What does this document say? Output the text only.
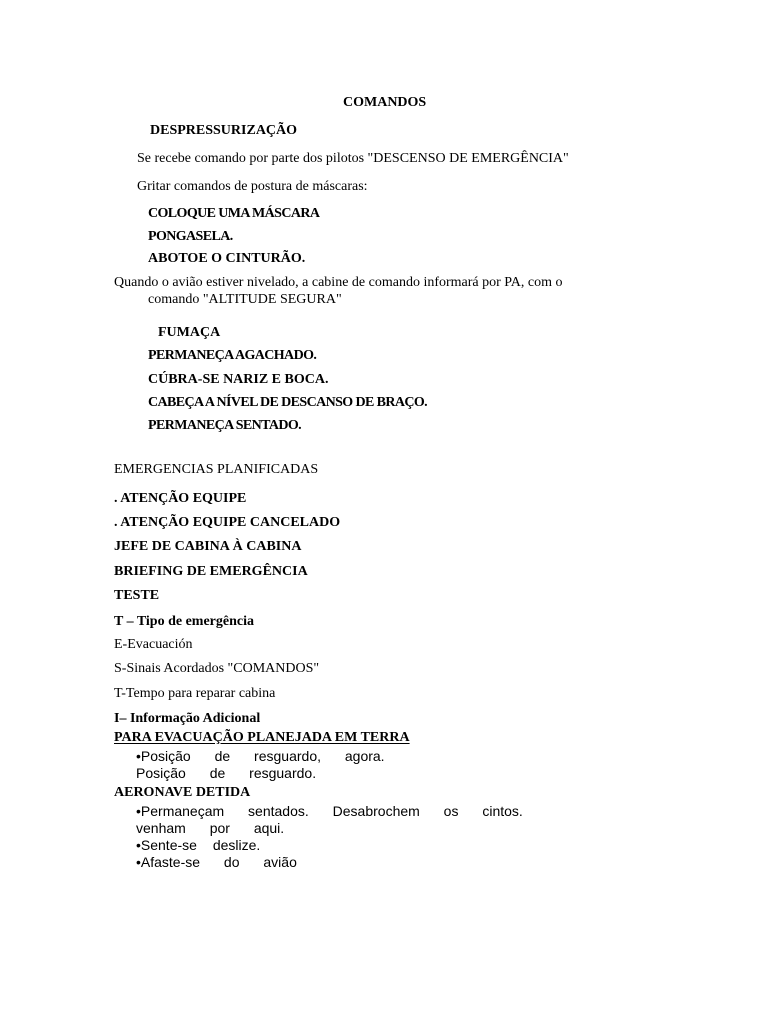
COMANDOS
DESPRESSURIZAÇÃO
Se recebe comando por parte dos pilotos "DESCENSO DE EMERGÊNCIA"
Gritar comandos de postura de máscaras:
COLOQUE UMA MÁSCARA
PONGASELA.
ABOTOE O CINTURÃO.
Quando o avião estiver nivelado, a cabine de comando informará por PA, com o
comando "ALTITUDE SEGURA"
FUMAÇA
PERMANEÇA AGACHADO.
CÚBRA-SE NARIZ E BOCA.
CABEÇA A NÍVEL DE DESCANSO DE BRAÇO.
PERMANEÇA SENTADO.
EMERGENCIAS PLANIFICADAS
. ATENÇÃO EQUIPE
. ATENÇÃO EQUIPE CANCELADO
JEFE DE CABINA À CABINA
BRIEFING DE EMERGÊNCIA
TESTE
T – Tipo de emergência
E-Evacuación
S-Sinais Acordados "COMANDOS"
T-Tempo para reparar cabina
I– Informação Adicional
PARA EVACUAÇÃO PLANEJADA EM TERRA
•Posição de resguardo, agora.
Posição de resguardo.
AERONAVE DETIDA
•Permaneçam sentados. Desabrochem os cintos.
venham por aqui.
•Sente-se deslize.
•Afaste-se do avião
